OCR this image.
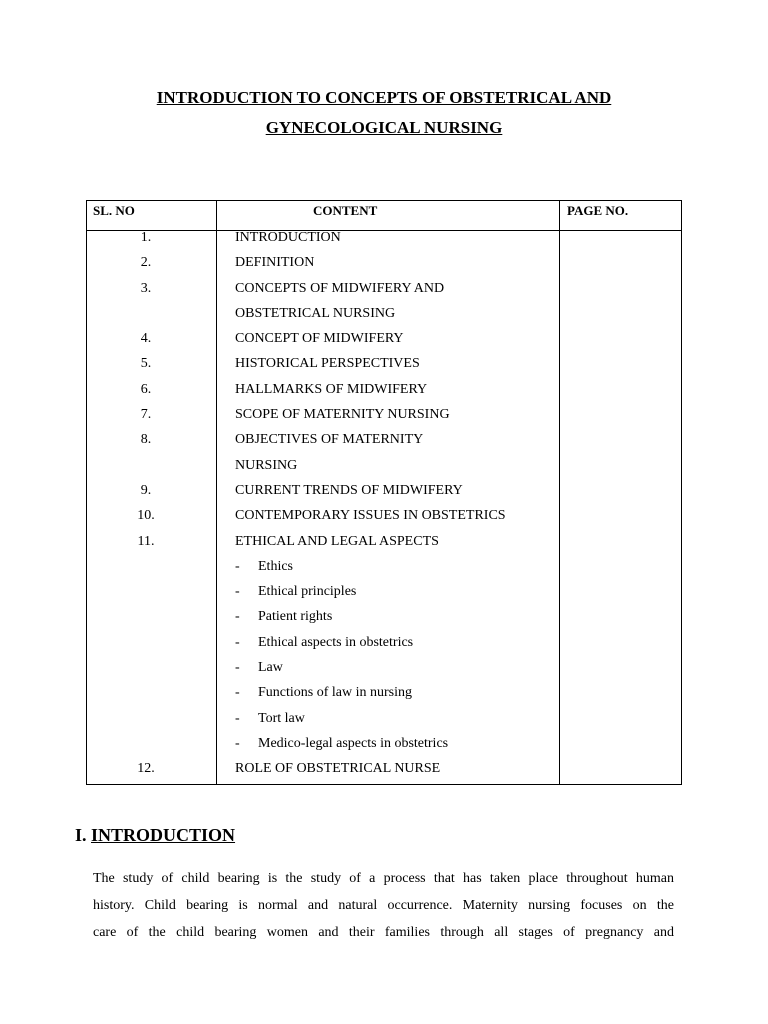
INTRODUCTION TO CONCEPTS OF OBSTETRICAL AND
GYNECOLOGICAL NURSING
SL. NO	CONTENT	PAGE NO.
1.	INTRODUCTION
2.	DEFINITION
3.	CONCEPTS OF MIDWIFERY AND
OBSTETRICAL NURSING
4.	CONCEPT OF MIDWIFERY
5.	HISTORICAL PERSPECTIVES
6.	HALLMARKS OF MIDWIFERY
7.	SCOPE OF MATERNITY NURSING
8.	OBJECTIVES OF MATERNITY
NURSING
9.	CURRENT TRENDS OF MIDWIFERY
10.	CONTEMPORARY ISSUES IN OBSTETRICS
11.	ETHICAL AND LEGAL ASPECTS
- Ethics
- Ethical principles
- Patient rights
- Ethical aspects in obstetrics
- Law
- Functions of law in nursing
- Tort law
- Medico-legal aspects in obstetrics
12.	ROLE OF OBSTETRICAL NURSE
I. INTRODUCTION
The study of child bearing is the study of a process that has taken place throughout human
history. Child bearing is normal and natural occurrence. Maternity nursing focuses on the
care of the child bearing women and their families through all stages of pregnancy and
